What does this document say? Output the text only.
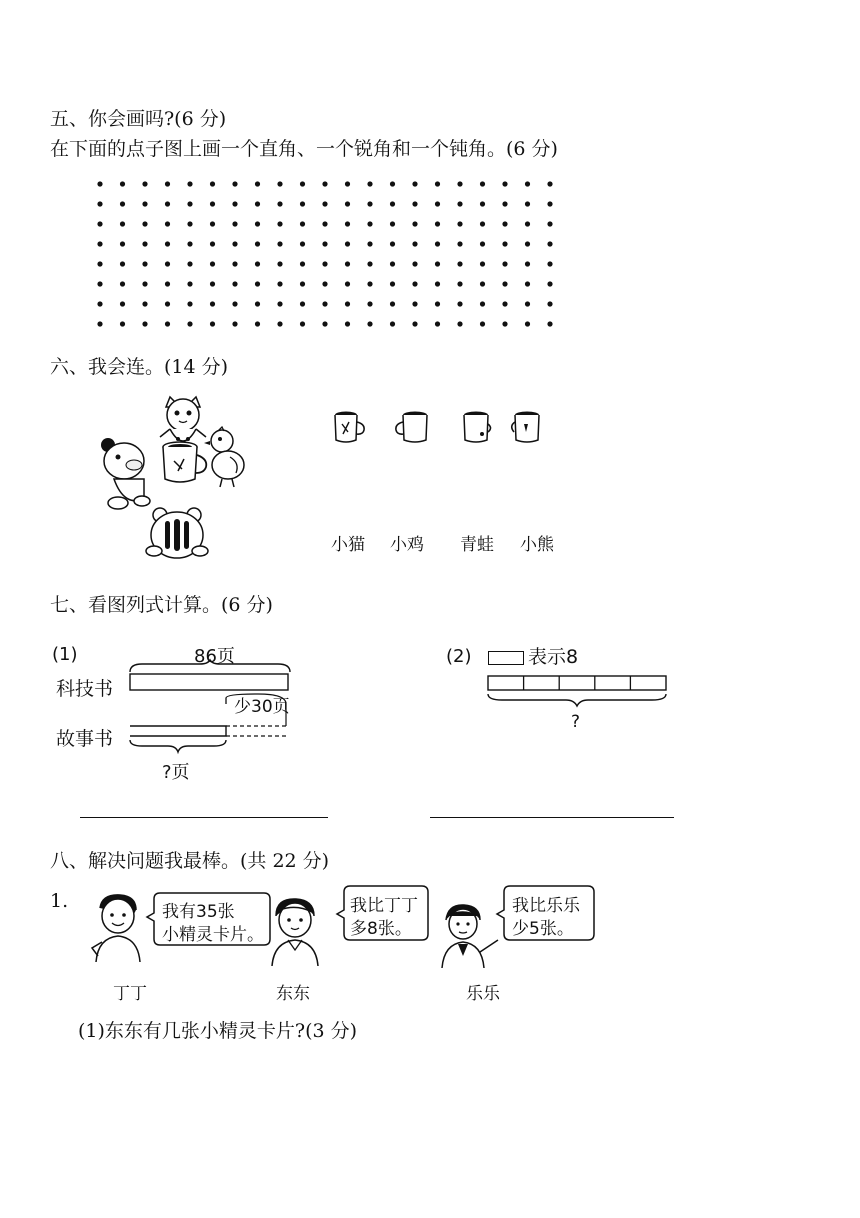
五、你会画吗?(6 分)
在下面的点子图上画一个直角、一个锐角和一个钝角。(6 分)
六、我会连。(14 分)
小猫 小鸡 青蛙 小熊
七、看图列式计算。(6 分)
(1)	86页
科技书
少30页
故事书
?页
(2)	表示8
?
八、解决问题我最棒。(共 22 分)
1.	我有35张
小精灵卡片。
丁丁
我比丁丁
多8张。
东东
我比乐乐
少5张。
乐乐
(1)东东有几张小精灵卡片?(3 分)
